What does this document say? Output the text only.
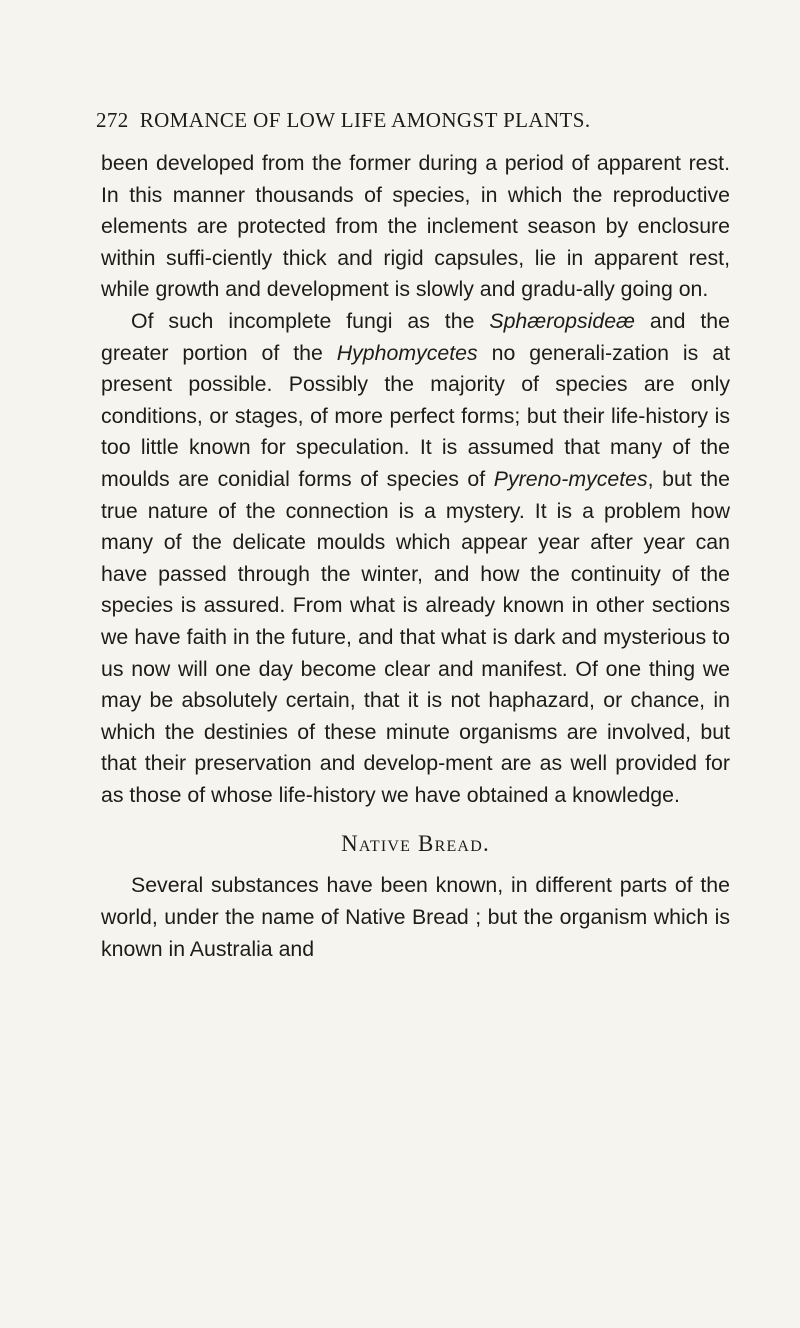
272 ROMANCE OF LOW LIFE AMONGST PLANTS.

been developed from the former during a period of apparent rest. In this manner thousands of species, in which the reproductive elements are protected from the inclement season by enclosure within suffi-ciently thick and rigid capsules, lie in apparent rest, while growth and development is slowly and gradu-ally going on.

Of such incomplete fungi as the Sphæropsideæ and the greater portion of the Hyphomycetes no generali-zation is at present possible. Possibly the majority of species are only conditions, or stages, of more perfect forms; but their life-history is too little known for speculation. It is assumed that many of the moulds are conidial forms of species of Pyreno-mycetes, but the true nature of the connection is a mystery. It is a problem how many of the delicate moulds which appear year after year can have passed through the winter, and how the continuity of the species is assured. From what is already known in other sections we have faith in the future, and that what is dark and mysterious to us now will one day become clear and manifest. Of one thing we may be absolutely certain, that it is not haphazard, or chance, in which the destinies of these minute organisms are involved, but that their preservation and develop-ment are as well provided for as those of whose life-history we have obtained a knowledge.

Native Bread.

Several substances have been known, in different parts of the world, under the name of Native Bread ; but the organism which is known in Australia and
